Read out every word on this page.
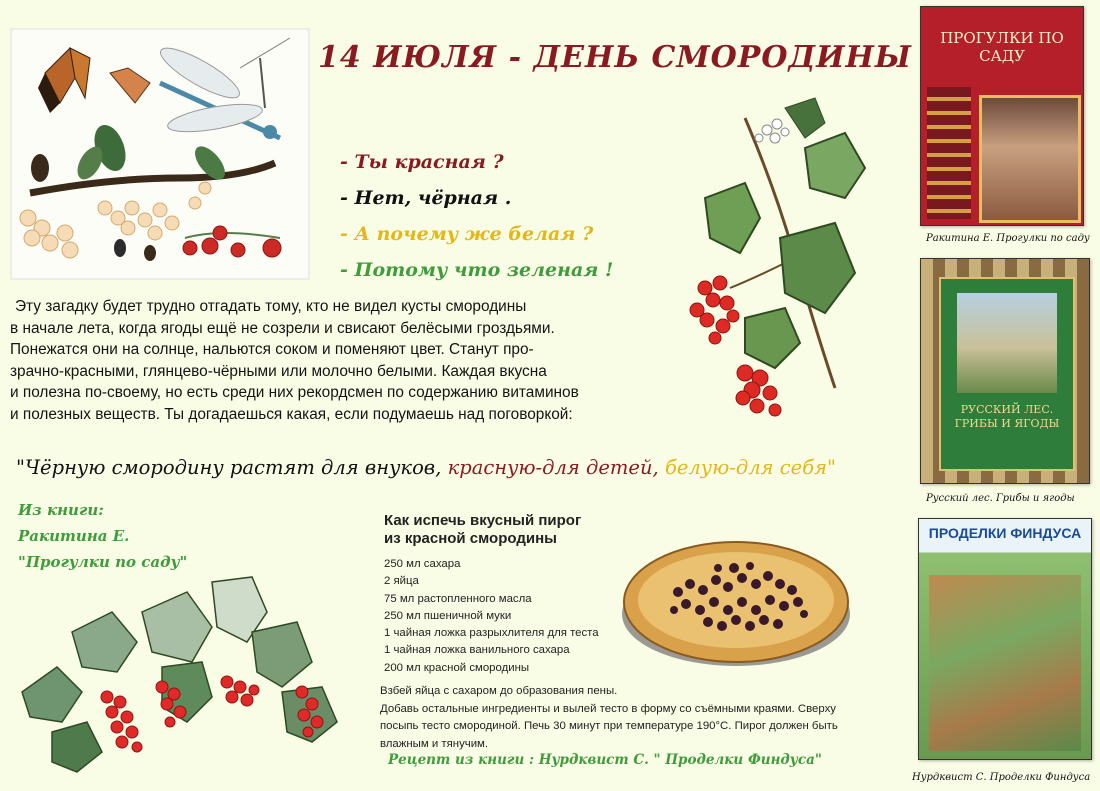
14 ИЮЛЯ - ДЕНЬ СМОРОДИНЫ
- Ты красная ?
- Нет, чёрная .
- А почему же белая ?
- Потому что зеленая !
Эту загадку будет трудно отгадать тому, кто не видел кусты смородины
в начале лета, когда ягоды ещё не созрели и свисают белёсыми гроздьями.
Понежатся они на солнце, нальются соком и поменяют цвет. Станут про-
зрачно-красными, глянцево-чёрными или молочно белыми. Каждая вкусна
и полезна по-своему, но есть среди них рекордсмен по содержанию витаминов
и полезных веществ. Ты догадаешься какая, если подумаешь над поговоркой:
"Чёрную смородину растят для внуков, красную-для детей, белую-для себя"
Из книги:
Ракитина Е.
"Прогулки по саду"
Как испечь вкусный пирог
из красной смородины
250 мл сахара
2 яйца
75 мл растопленного масла
250 мл пшеничной муки
1 чайная ложка разрыхлителя для теста
1 чайная ложка ванильного сахара
200 мл красной смородины
Взбей яйца с сахаром до образования пены.
Добавь остальные ингредиенты и вылей тесто в форму со съёмными краями. Сверху
посыпь тесто смородиной. Печь 30 минут при температуре 190°С. Пирог должен быть
влажным и тянучим.
Рецепт из книги : Нурдквист С. " Проделки Финдуса"
ПРОГУЛКИ ПО САДУ
Ракитина Е. Прогулки по саду
РУССКИЙ ЛЕС. ГРИБЫ И ЯГОДЫ
Русский лес. Грибы и ягоды
ПРОДЕЛКИ ФИНДУСА
Нурдквист С. Проделки Финдуса
